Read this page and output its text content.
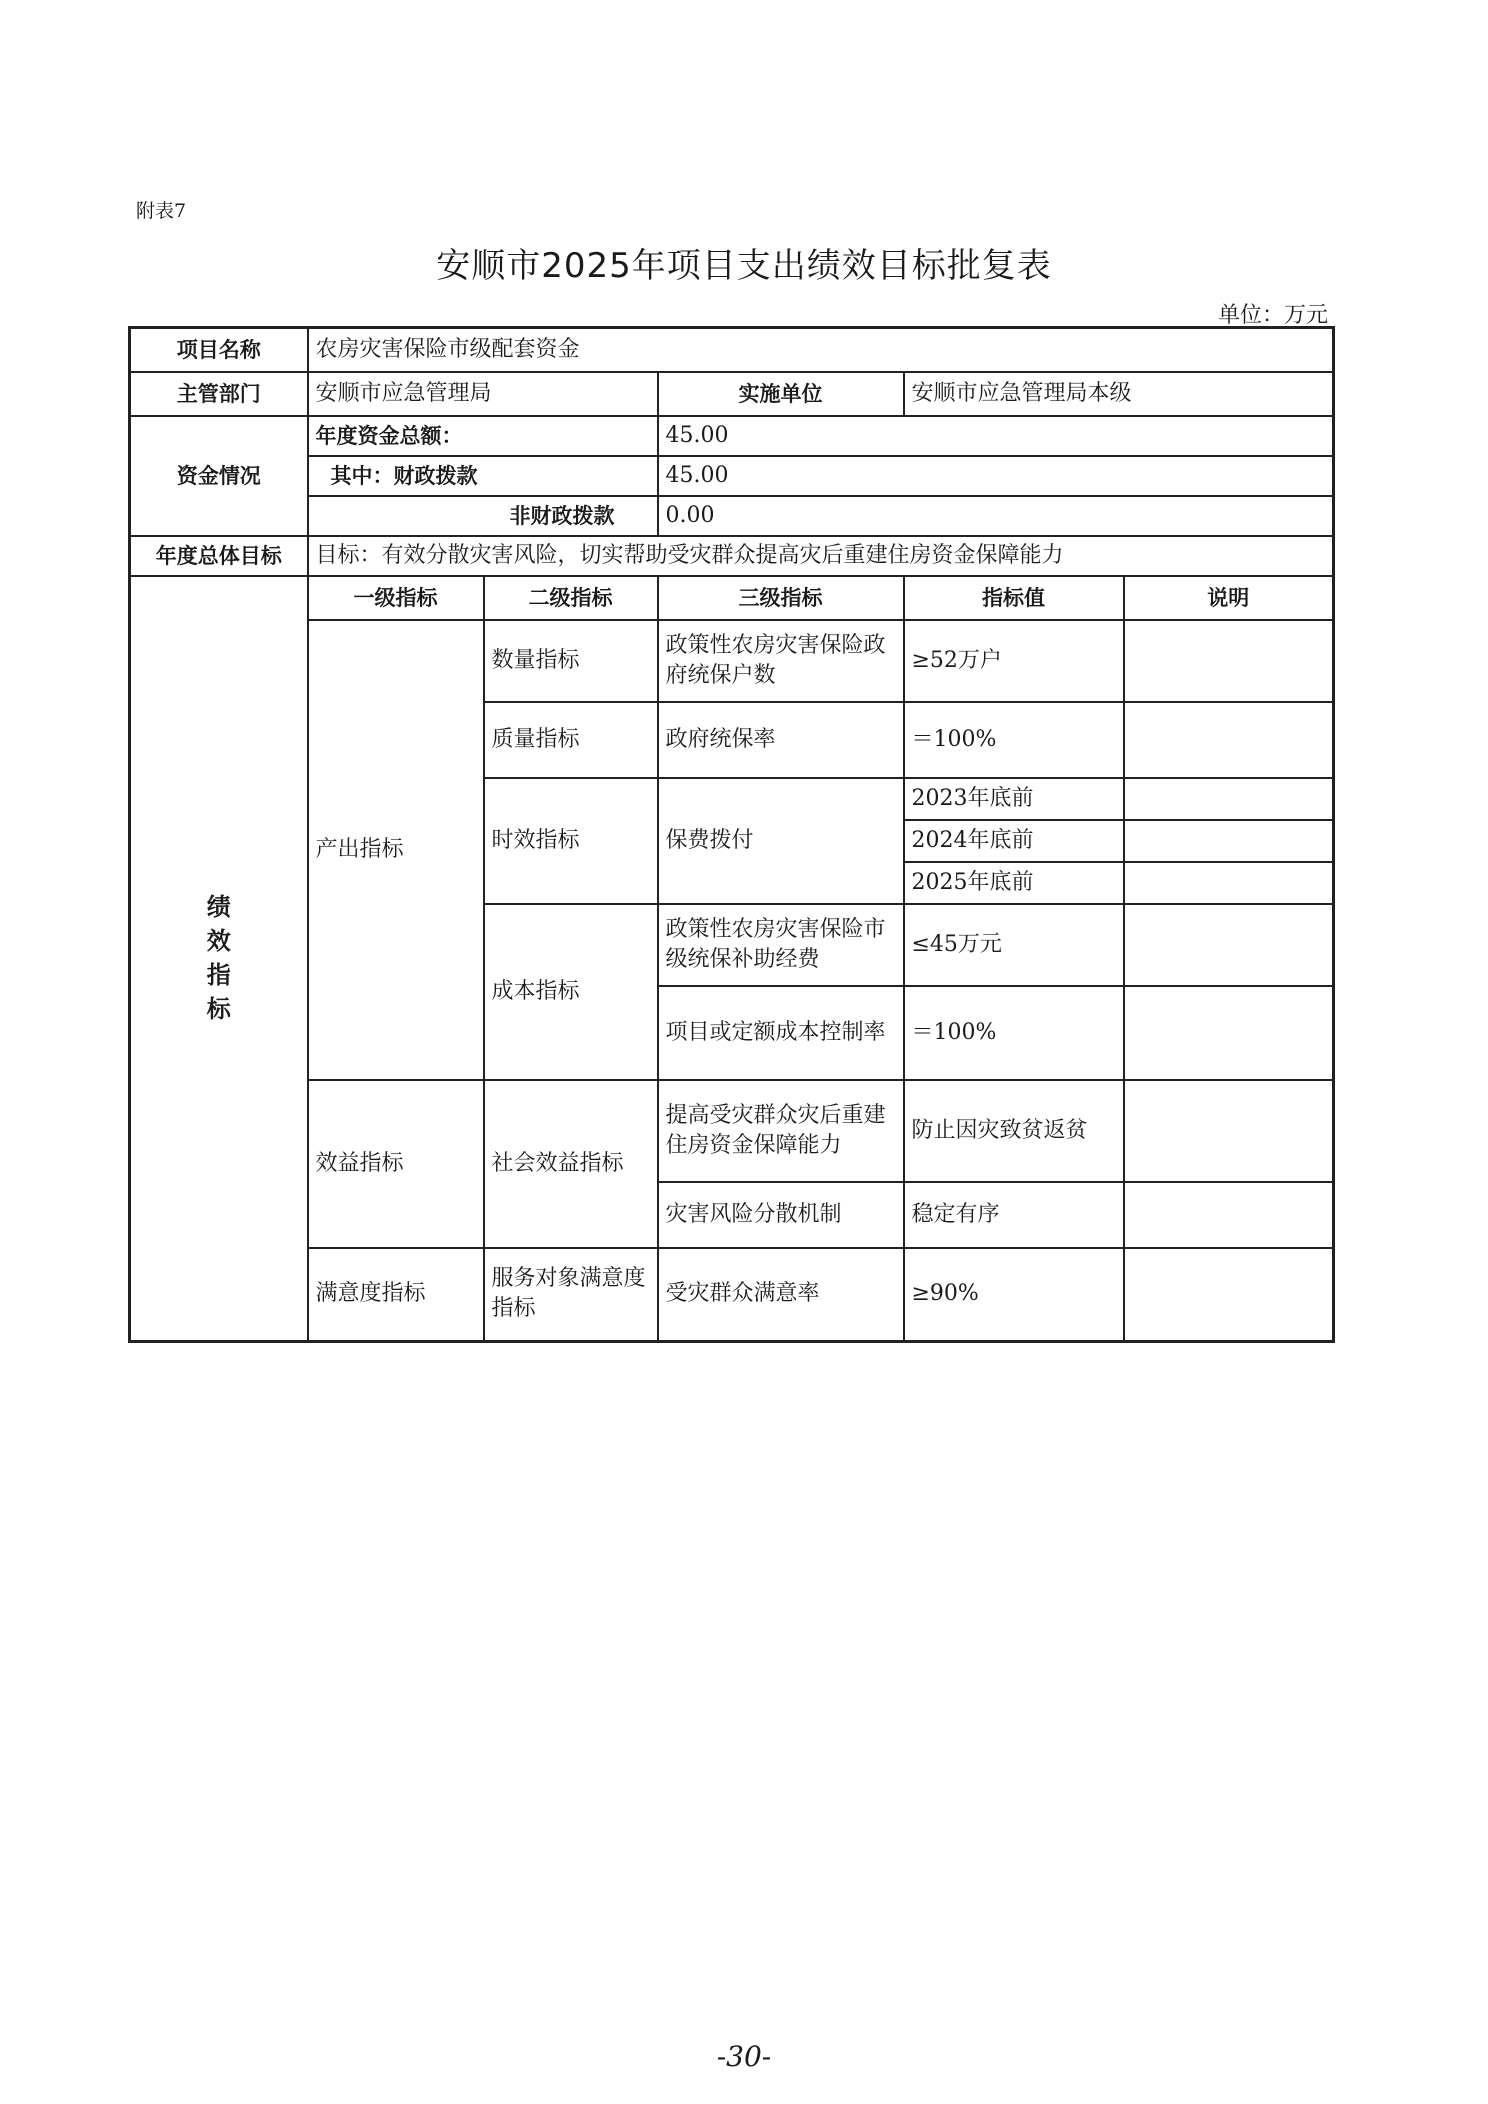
附表7
安顺市2025年项目支出绩效目标批复表
单位：万元
项目名称	农房灾害保险市级配套资金				
主管部门	安顺市应急管理局		实施单位	安顺市应急管理局本级	
资金情况	年度资金总额：		45.00		
	其中：财政拨款		45.00		
	非财政拨款		0.00		
年度总体目标	目标：有效分散灾害风险，切实帮助受灾群众提高灾后重建住房资金保障能力				
绩效指标	一级指标	二级指标	三级指标	指标值	说明
	产出指标	数量指标	政策性农房灾害保险政府统保户数	≥52万户	
		质量指标	政府统保率	＝100%	
		时效指标	保费拨付	2023年底前	
				2024年底前	
				2025年底前	
		成本指标	政策性农房灾害保险市级统保补助经费	≤45万元	
			项目或定额成本控制率	＝100%	
	效益指标	社会效益指标	提高受灾群众灾后重建住房资金保障能力	防止因灾致贫返贫	
			灾害风险分散机制	稳定有序	
	满意度指标	服务对象满意度指标	受灾群众满意率	≥90%	
-30-
